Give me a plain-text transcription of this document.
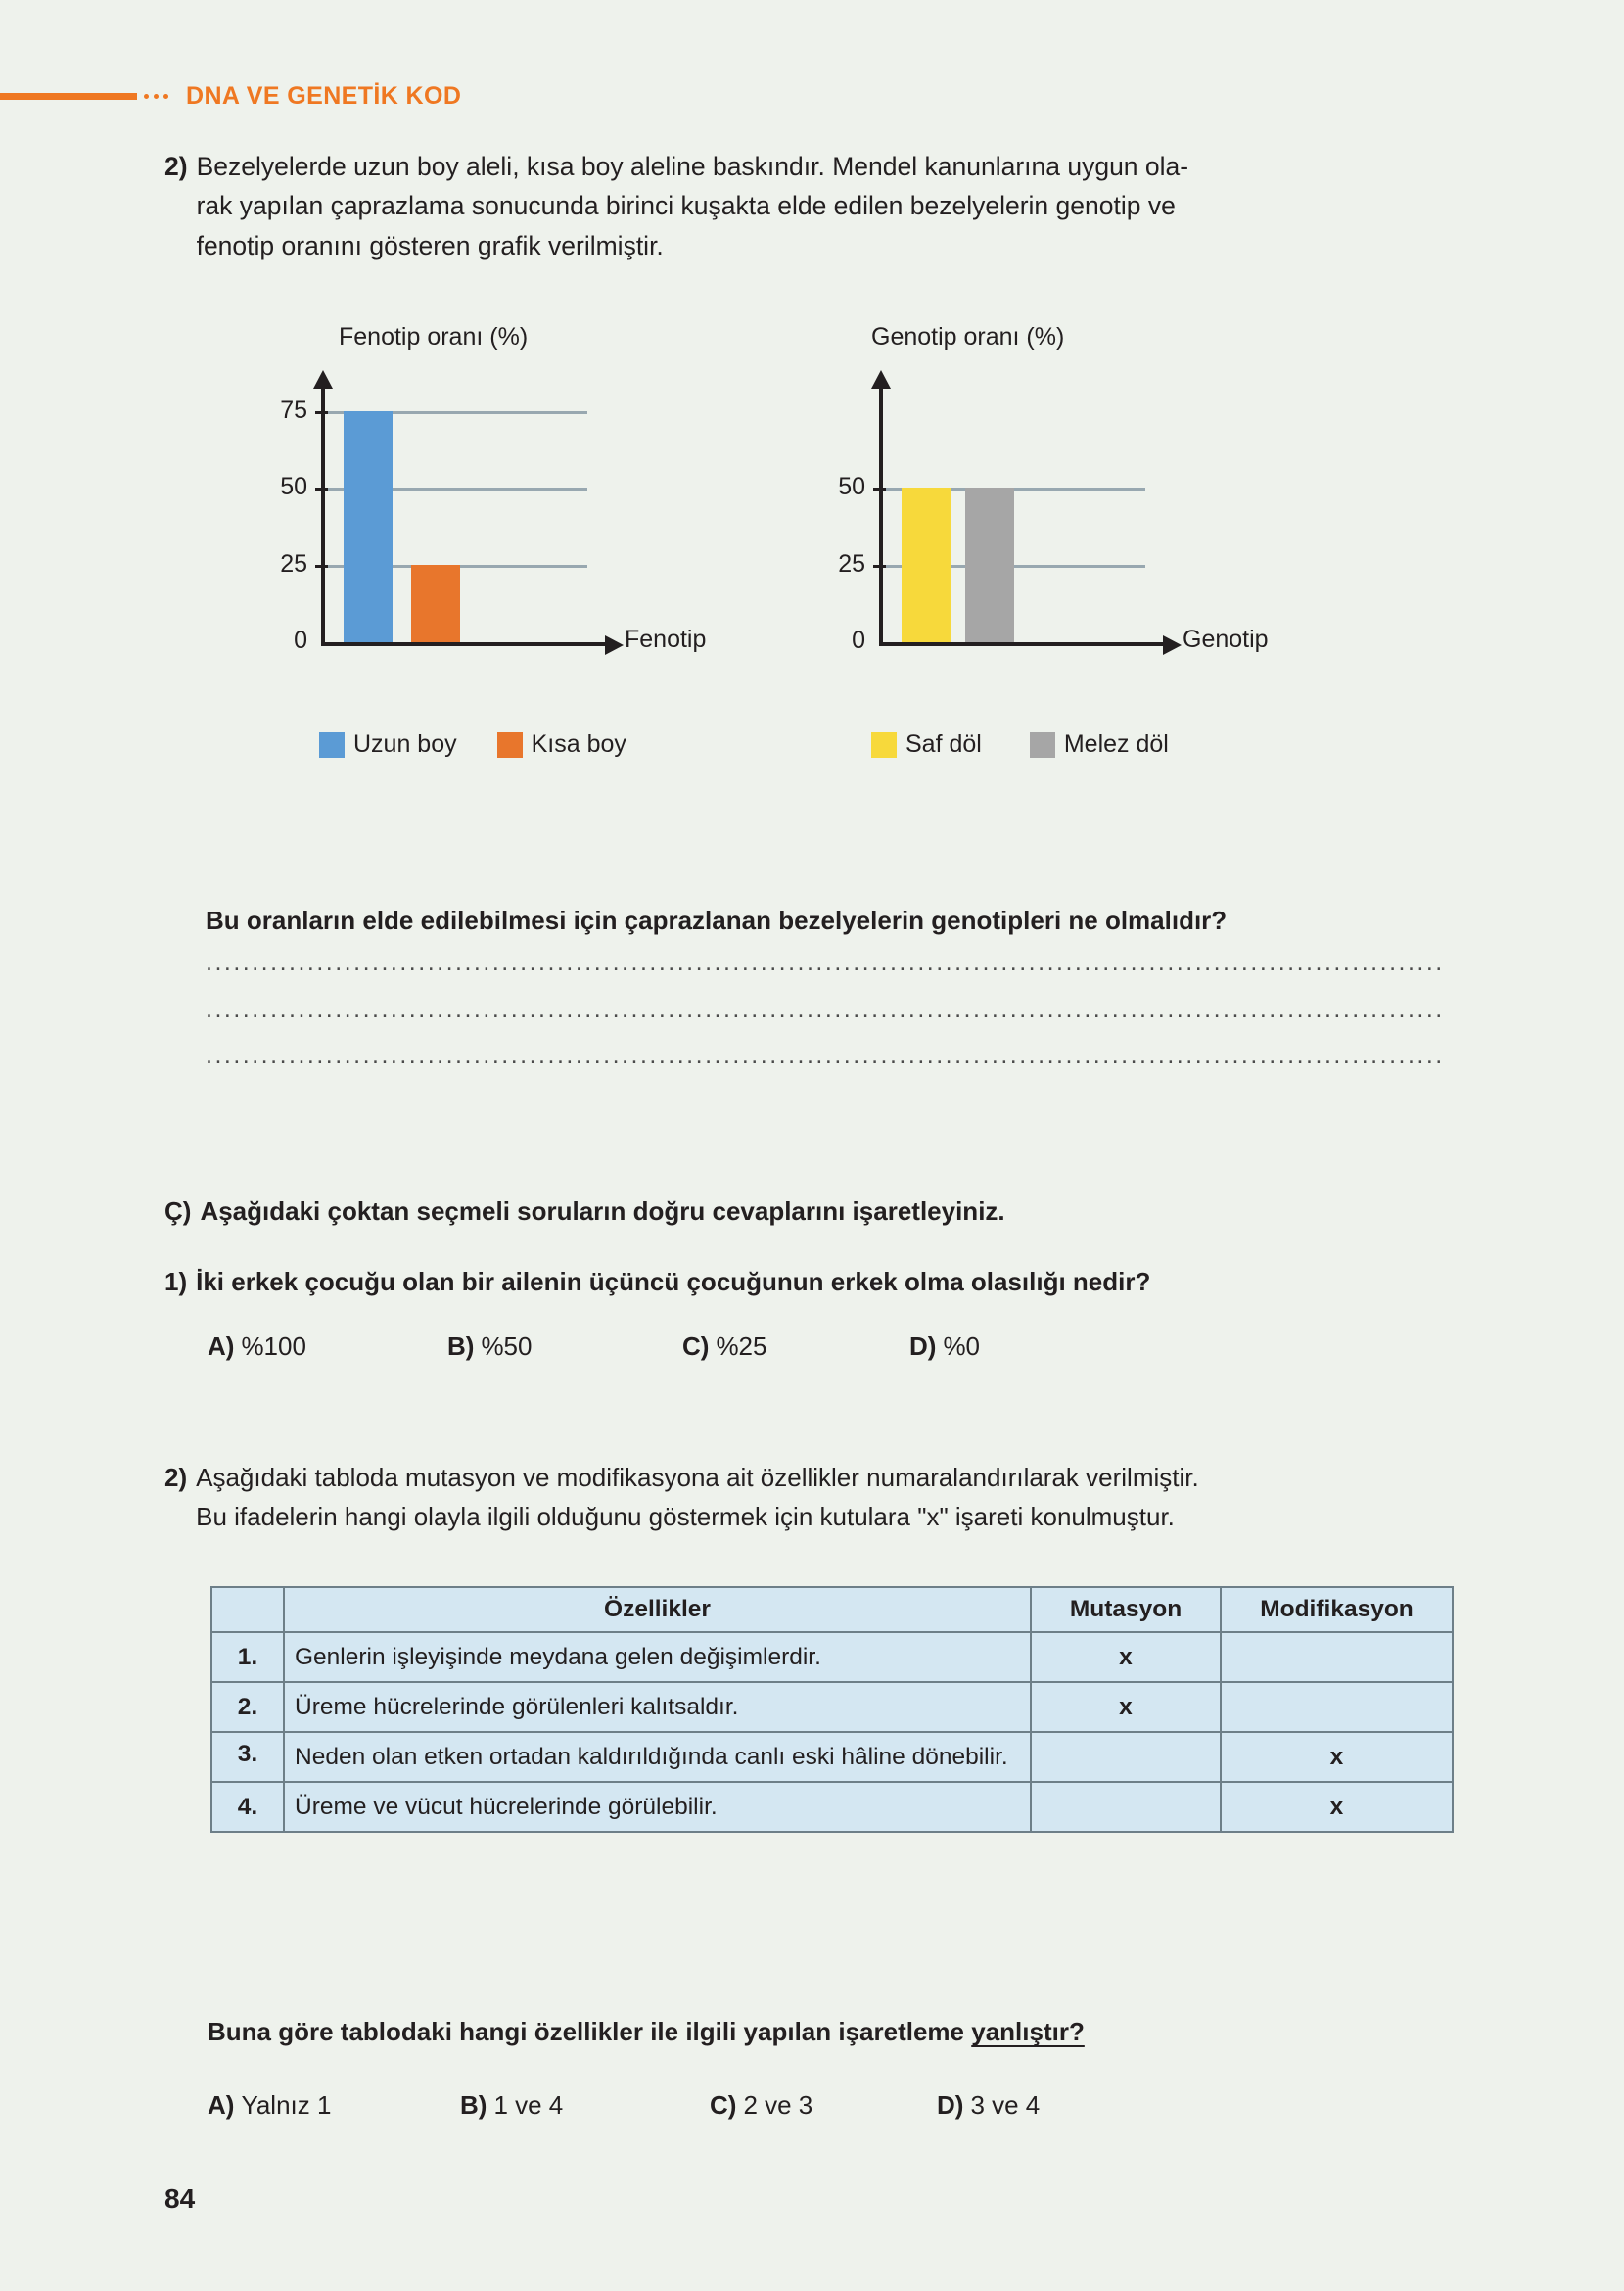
DNA VE GENETİK KOD
2) Bezelyelerde uzun boy aleli, kısa boy aleline baskındır. Mendel kanunlarına uygun ola-
rak yapılan çaprazlama sonucunda birinci kuşakta elde edilen bezelyelerin genotip ve
fenotip oranını gösteren grafik verilmiştir.
Fenotip oranı (%)
75
50
25
0	Fenotip
Uzun boy	Kısa boy
Genotip oranı (%)
50
25
0	Genotip
Saf döl	Melez döl
Bu oranların elde edilebilmesi için çaprazlanan bezelyelerin genotipleri ne olmalıdır?
......................................................................................................................................
......................................................................................................................................
......................................................................................................................................
Ç) Aşağıdaki çoktan seçmeli soruların doğru cevaplarını işaretleyiniz.
1) İki erkek çocuğu olan bir ailenin üçüncü çocuğunun erkek olma olasılığı nedir?
A) %100	B) %50	C) %25	D) %0
2) Aşağıdaki tabloda mutasyon ve modifikasyona ait özellikler numaralandırılarak verilmiştir.
Bu ifadelerin hangi olayla ilgili olduğunu göstermek için kutulara "x" işareti konulmuştur.
	Özellikler	Mutasyon	Modifikasyon
1.	Genlerin işleyişinde meydana gelen değişimlerdir.	x	
2.	Üreme hücrelerinde görülenleri kalıtsaldır.	x	
3.	Neden olan etken ortadan kaldırıldığında canlı eski hâline dönebilir.		x
4.	Üreme ve vücut hücrelerinde görülebilir.		x
Buna göre tablodaki hangi özellikler ile ilgili yapılan işaretleme yanlıştır?
A) Yalnız 1	B) 1 ve 4	C) 2 ve 3	D) 3 ve 4
84
